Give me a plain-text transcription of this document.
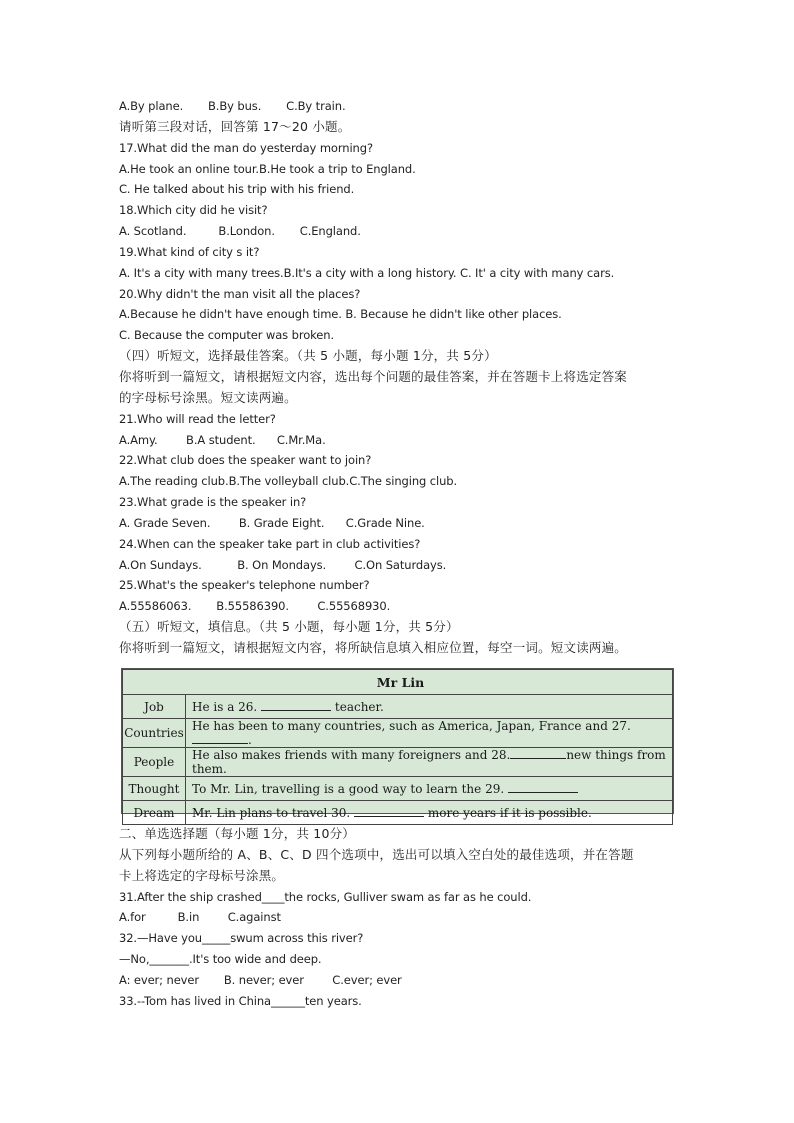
A.By plane.       B.By bus.       C.By train.
请听第三段对话，回答第 17～20 小题。
17.What did the man do yesterday morning?
A.He took an online tour.B.He took a trip to England.
C. He talked about his trip with his friend.
18.Which city did he visit?
A. Scotland.         B.London.       C.England.
19.What kind of city s it?
A. It's a city with many trees.B.It's a city with a long history. C. It' a city with many cars.
20.Why didn't the man visit all the places?
A.Because he didn't have enough time. B. Because he didn't like other places.
C. Because the computer was broken.
（四）听短文，选择最佳答案。（共 5 小题，每小题 1分，共 5分）
你将听到一篇短文，请根据短文内容，选出每个问题的最佳答案，并在答题卡上将选定答案
的字母标号涂黑。短文读两遍。
21.Who will read the letter?
A.Amy.        B.A student.      C.Mr.Ma.
22.What club does the speaker want to join?
A.The reading club.B.The volleyball club.C.The singing club.
23.What grade is the speaker in?
A. Grade Seven.        B. Grade Eight.      C.Grade Nine.
24.When can the speaker take part in club activities?
A.On Sundays.          B. On Mondays.        C.On Saturdays.
25.What's the speaker's telephone number?
A.55586063.       B.55586390.        C.55568930.
（五）听短文，填信息。（共 5 小题，每小题 1分，共 5分）
你将听到一篇短文，请根据短文内容，将所缺信息填入相应位置，每空一词。短文读两遍。
Mr Lin	
Job	He is a 26. teacher.
Countries	He has been to many countries, such as America, Japan, France and 27. .
People	He also makes friends with many foreigners and 28. new things from them.
Thought	To Mr. Lin, travelling is a good way to learn the 29.
Dream	Mr. Lin plans to travel 30. more years if it is possible.
二、单选选择题（每小题 1分，共 10分）
从下列每小题所给的 A、B、C、D 四个选项中，选出可以填入空白处的最佳选项，并在答题
卡上将选定的字母标号涂黑。
31.After the ship crashed____the rocks, Gulliver swam as far as he could.
A.for         B.in        C.against
32.—Have you_____swum across this river?
—No,_______.It's too wide and deep.
A: ever; never       B. never; ever        C.ever; ever
33.--Tom has lived in China______ten years.
